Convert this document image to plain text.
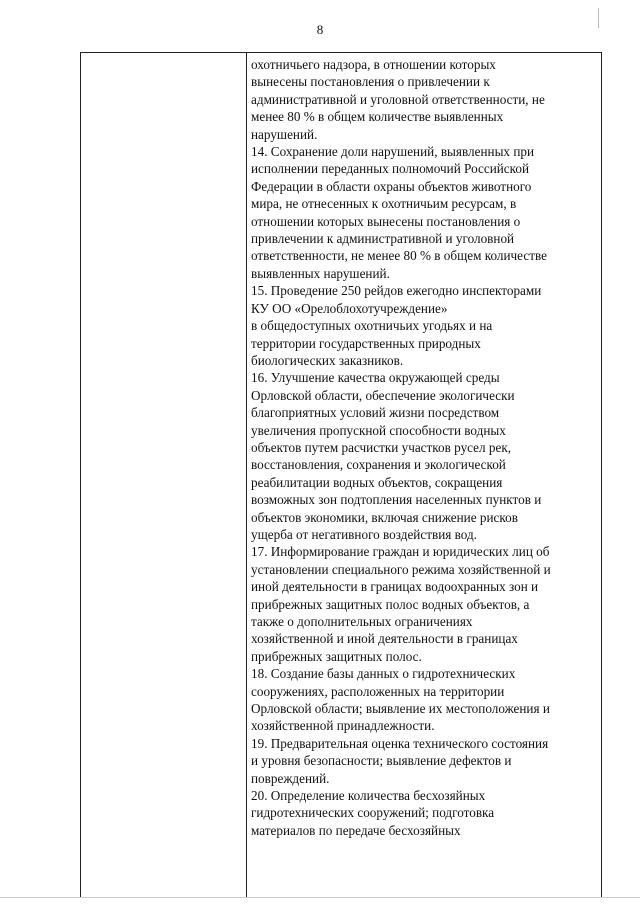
8
охотничьего надзора, в отношении которых
вынесены постановления о привлечении к
административной и уголовной ответственности, не
менее 80 % в общем количестве выявленных
нарушений.
14. Сохранение доли нарушений, выявленных при
исполнении переданных полномочий Российской
Федерации в области охраны объектов животного
мира, не отнесенных к охотничьим ресурсам, в
отношении которых вынесены постановления о
привлечении к административной и уголовной
ответственности, не менее 80 % в общем количестве
выявленных нарушений.
15. Проведение 250 рейдов ежегодно инспекторами
КУ ОО «Орелоблохотучреждение»
в общедоступных охотничьих угодьях и на
территории государственных природных
биологических заказников.
16. Улучшение качества окружающей среды
Орловской области, обеспечение экологически
благоприятных условий жизни посредством
увеличения пропускной способности водных
объектов путем расчистки участков русел рек,
восстановления, сохранения и экологической
реабилитации водных объектов, сокращения
возможных зон подтопления населенных пунктов и
объектов экономики, включая снижение рисков
ущерба от негативного воздействия вод.
17. Информирование граждан и юридических лиц об
установлении специального режима хозяйственной и
иной деятельности в границах водоохранных зон и
прибрежных защитных полос водных объектов, а
также о дополнительных ограничениях
хозяйственной и иной деятельности в границах
прибрежных защитных полос.
18. Создание базы данных о гидротехнических
сооружениях, расположенных на территории
Орловской области; выявление их местоположения и
хозяйственной принадлежности.
19. Предварительная оценка технического состояния
и уровня безопасности; выявление дефектов и
повреждений.
20. Определение количества бесхозяйных
гидротехнических сооружений; подготовка
материалов по передаче бесхозяйных
